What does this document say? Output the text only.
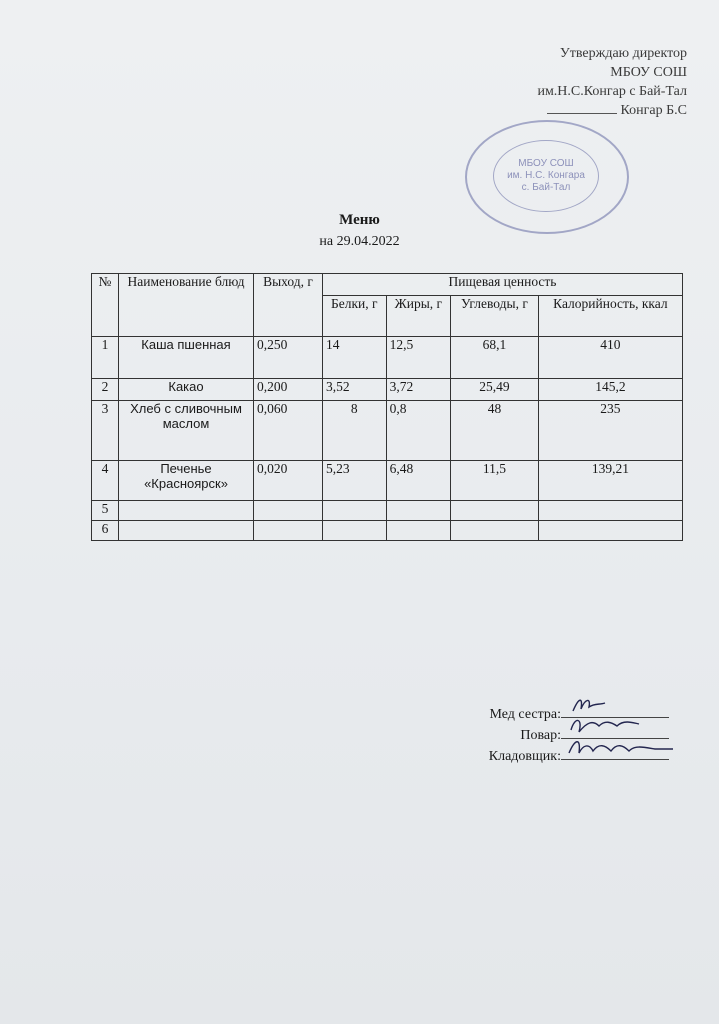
Утверждаю директор
МБОУ СОШ
им.Н.С.Конгар с Бай-Тал
Конгар Б.С
МБОУ СОШ
им. Н.С. Конгара
с. Бай-Тал
Меню
на 29.04.2022
№	Наименование блюд	Выход, г	Пищевая ценность			
			Белки, г	Жиры, г	Углеводы, г	Калорийность, ккал
1	Каша пшенная	0,250	14	12,5	68,1	410
2	Какао	0,200	3,52	3,72	25,49	145,2
3	Хлеб с сливочным маслом	0,060	8	0,8	48	235
4	Печенье «Красноярск»	0,020	5,23	6,48	11,5	139,21
5						
6						
Мед сестра:
Повар:
Кладовщик:
